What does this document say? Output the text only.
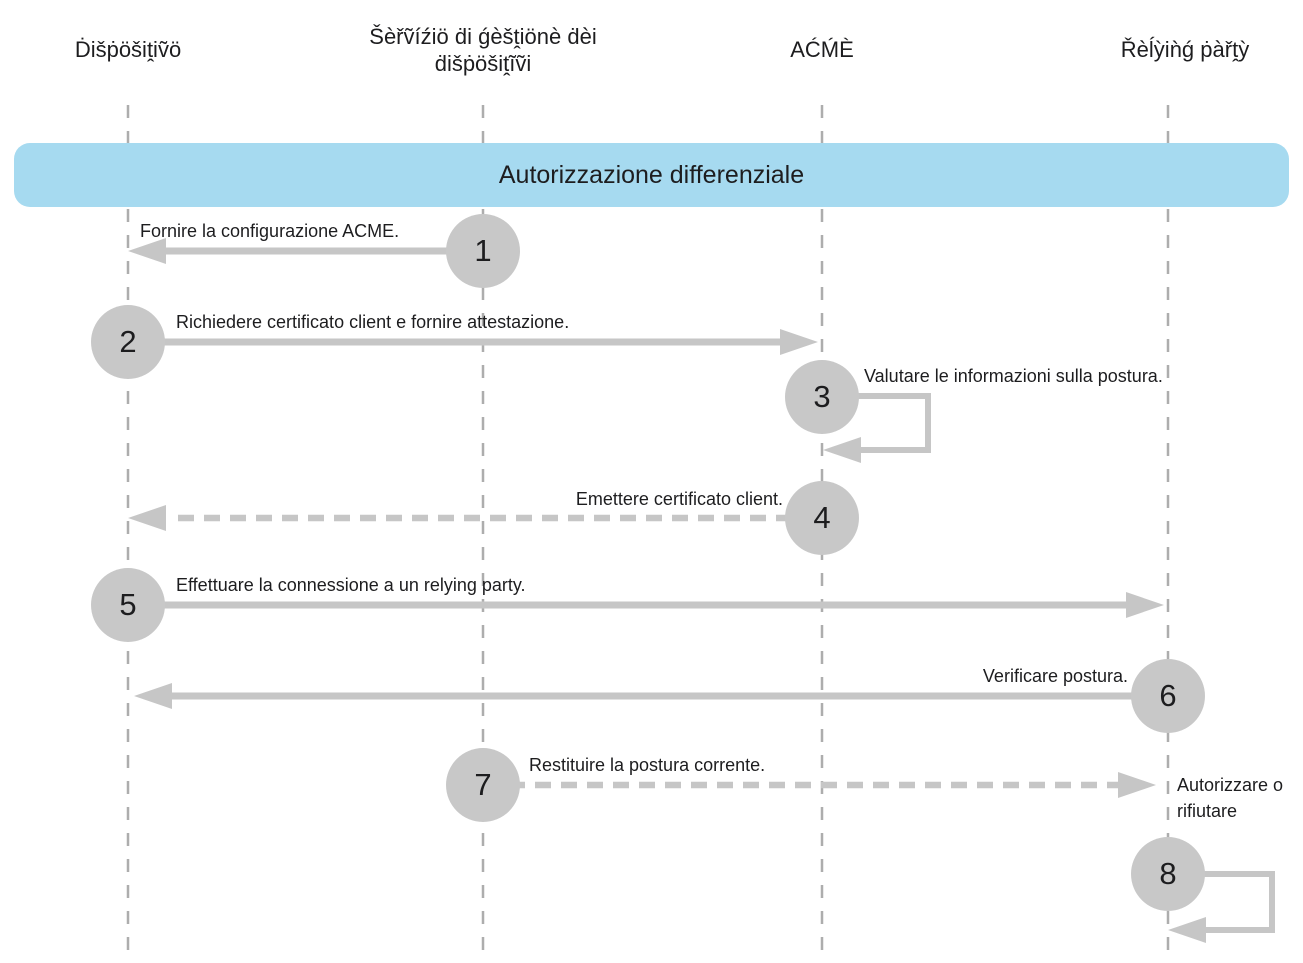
Ḋišṗöšiṱiṽö
Šèřṽíźiö ḋi ǵèšṱiönè ḋèi ḋišṗöšiṱĩṽi
AĆḾÈ	Řèĺỳiǹǵ ṗàřṱỳ
Autorizzazione differenziale
1
2
3
4
5
6
7
8
Fornire la configurazione ACME.
Richiedere certificato client e fornire attestazione.
Valutare le informazioni sulla postura.
Emettere certificato client.
Effettuare la connessione a un relying party.
Verificare postura.
Restituire la postura corrente.
Autorizzare o rifiutare
